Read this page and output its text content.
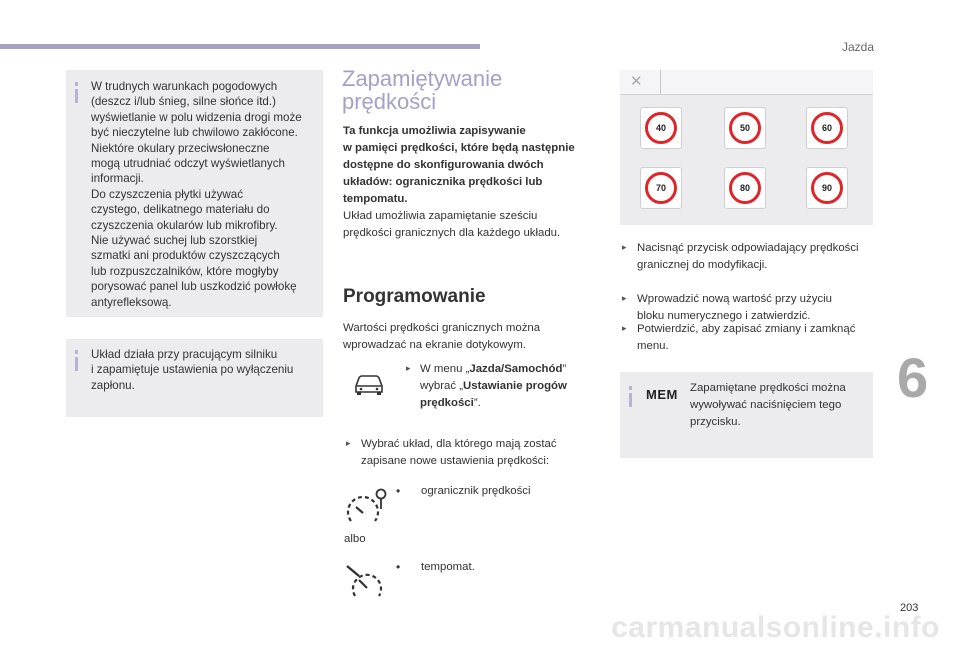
Jazda
6
203
W trudnych warunkach pogodowych
(deszcz i/lub śnieg, silne słońce itd.)
wyświetlanie w polu widzenia drogi może
być nieczytelne lub chwilowo zakłócone.
Niektóre okulary przeciwsłoneczne
mogą utrudniać odczyt wyświetlanych
informacji.
Do czyszczenia płytki używać
czystego, delikatnego materiału do
czyszczenia okularów lub mikrofibry.
Nie używać suchej lub szorstkiej
szmatki ani produktów czyszczących
lub rozpuszczalników, które mogłyby
porysować panel lub uszkodzić powłokę
antyrefleksową.
Układ działa przy pracującym silniku
i zapamiętuje ustawienia po wyłączeniu
zapłonu.
Zapamiętywanie
prędkości
Ta funkcja umożliwia zapisywanie
w pamięci prędkości, które będą następnie
dostępne do skonfigurowania dwóch
układów: ogranicznika prędkości lub
tempomatu.
Układ umożliwia zapamiętanie sześciu
prędkości granicznych dla każdego układu.
Programowanie
Wartości prędkości granicznych można
wprowadzać na ekranie dotykowym.
▸ W menu „Jazda/Samochód”
wybrać „Ustawianie progów
prędkości”.
▸ Wybrać układ, dla którego mają zostać
zapisane nowe ustawienia prędkości:
• ogranicznik prędkości
albo
• tempomat.
✕
40	50	60
70	80	90
▸ Nacisnąć przycisk odpowiadający prędkości
granicznej do modyfikacji.
▸ Wprowadzić nową wartość przy użyciu
bloku numerycznego i zatwierdzić.
▸ Potwierdzić, aby zapisać zmiany i zamknąć
menu.
MEM Zapamiętane prędkości można
wywoływać naciśnięciem tego
przycisku.
carmanualsonline.info
